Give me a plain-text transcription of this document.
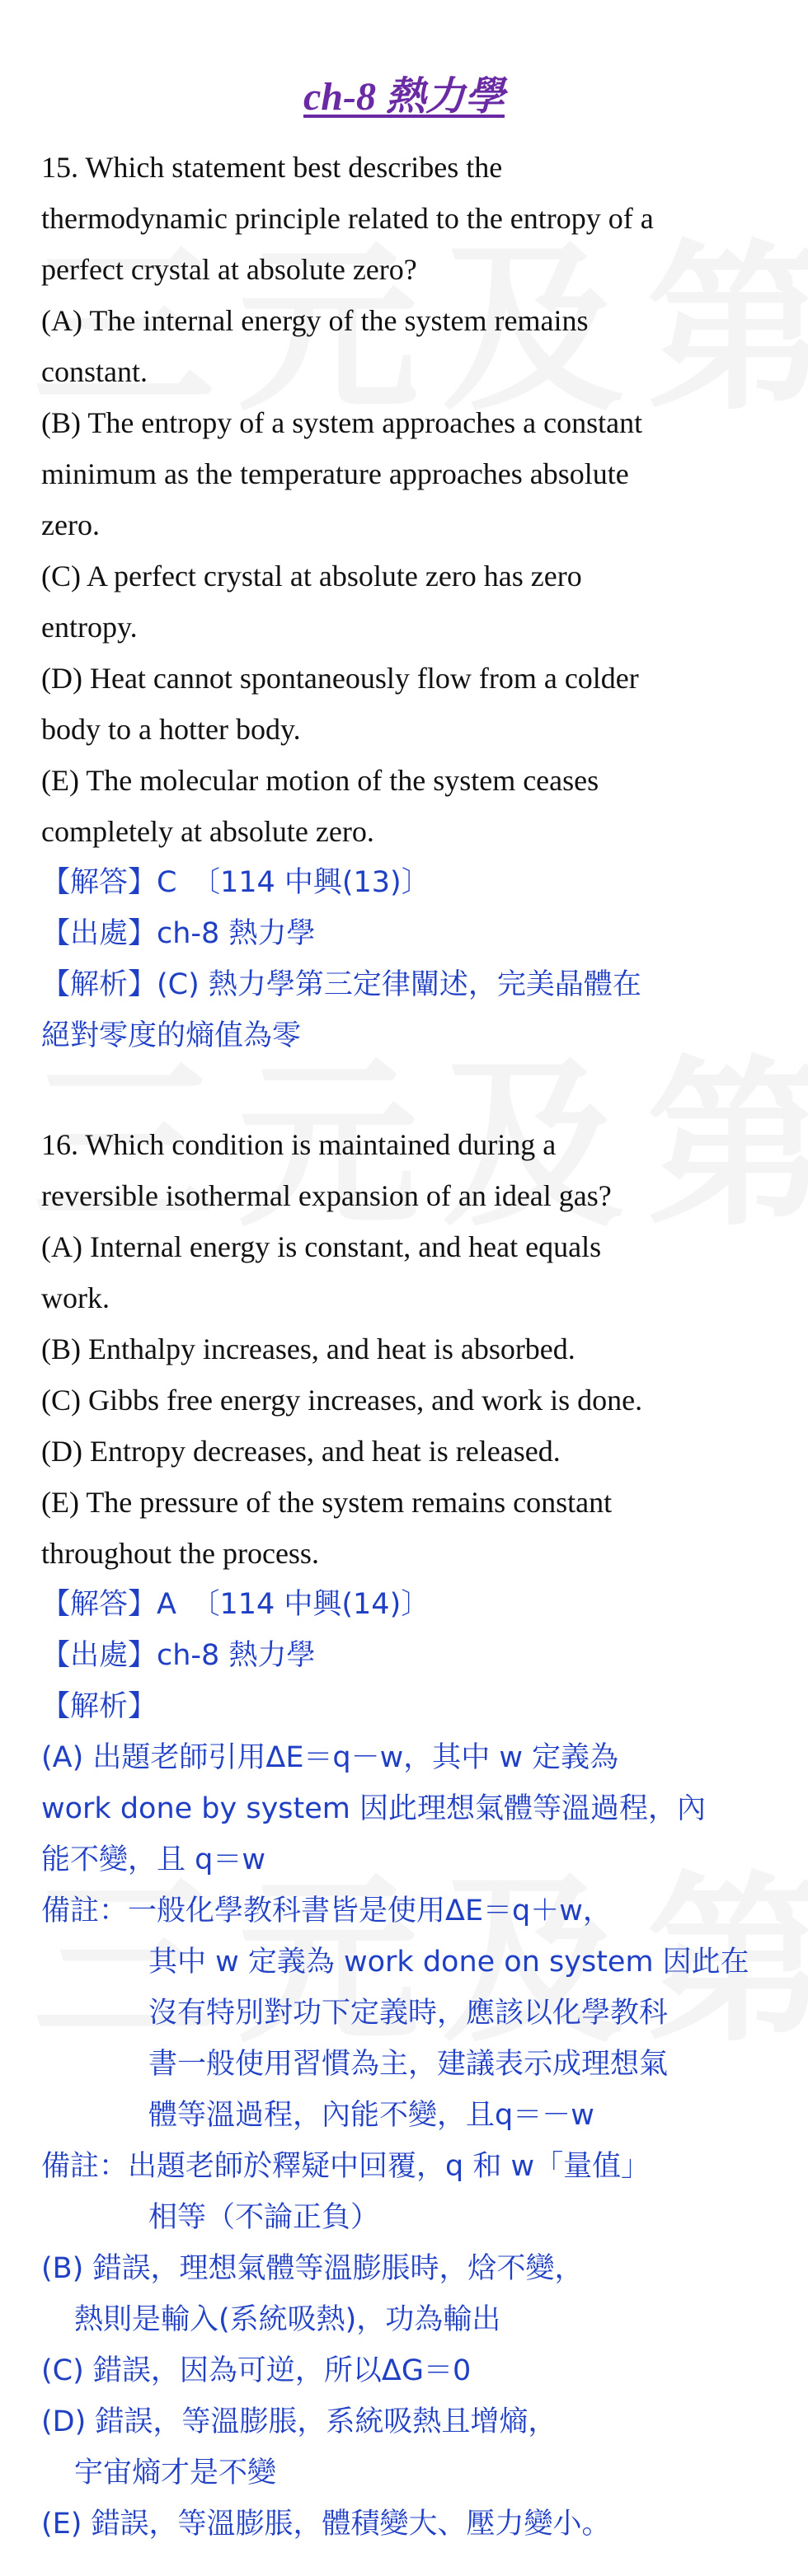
ch-8 熱力學
15. Which statement best describes the
thermodynamic principle related to the entropy of a
perfect crystal at absolute zero?
(A) The internal energy of the system remains
constant.
(B) The entropy of a system approaches a constant
minimum as the temperature approaches absolute
zero.
(C) A perfect crystal at absolute zero has zero
entropy.
(D) Heat cannot spontaneously flow from a colder
body to a hotter body.
(E) The molecular motion of the system ceases
completely at absolute zero.
【解答】C　〔114 中興(13)〕
【出處】ch-8 熱力學
【解析】(C) 熱力學第三定律闡述，完美晶體在
絕對零度的熵值為零
16. Which condition is maintained during a
reversible isothermal expansion of an ideal gas?
(A) Internal energy is constant, and heat equals
work.
(B) Enthalpy increases, and heat is absorbed.
(C) Gibbs free energy increases, and work is done.
(D) Entropy decreases, and heat is released.
(E) The pressure of the system remains constant
throughout the process.
【解答】A　〔114 中興(14)〕
【出處】ch-8 熱力學
【解析】
(A) 出題老師引用ΔE＝q－w，其中 w 定義為
work done by system 因此理想氣體等溫過程，內
能不變，且 q＝w
備註：一般化學教科書皆是使用ΔE＝q＋w，
其中 w 定義為 work done on system 因此在
沒有特別對功下定義時，應該以化學教科
書一般使用習慣為主，建議表示成理想氣
體等溫過程，內能不變，且q＝－w
備註：出題老師於釋疑中回覆，q 和 w「量值」
相等（不論正負）
(B) 錯誤，理想氣體等溫膨脹時，焓不變，
熱則是輸入(系統吸熱)，功為輸出
(C) 錯誤，因為可逆，所以ΔG＝0
(D) 錯誤，等溫膨脹，系統吸熱且增熵，
宇宙熵才是不變
(E) 錯誤，等溫膨脹，體積變大、壓力變小。
